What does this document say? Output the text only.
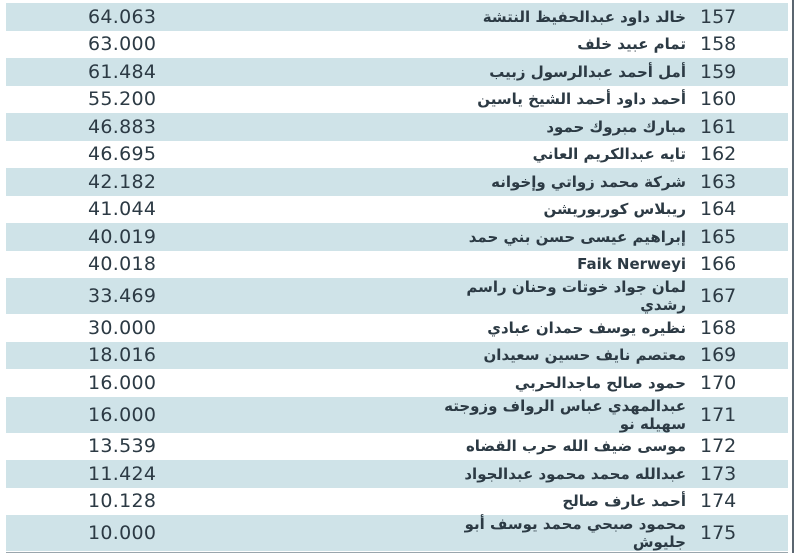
64.063	خالد داود عبدالحفيظ النتشة	157
63.000	تمام عبيد خلف	158
61.484	أمل أحمد عبدالرسول زبيب	159
55.200	أحمد داود أحمد الشيخ ياسين	160
46.883	مبارك مبروك حمود	161
46.695	تايه عبدالكريم العاني	162
42.182	شركة محمد زواتي وإخوانه	163
41.044	ريبلاس كوربوريشن	164
40.019	إبراهيم عيسى حسن بني حمد	165
40.018	Faik Nerweyi	166
33.469	لمان جواد خوتات وحنان راسم رشدي	167
30.000	نظيره يوسف حمدان عبادي	168
18.016	معتصم نايف حسين سعيدان	169
16.000	حمود صالح ماجدالحربي	170
16.000	عبدالمهدي عباس الرواف وزوجته سهيله نو	171
13.539	موسى ضيف الله حرب القضاه	172
11.424	عبدالله محمد محمود عبدالجواد	173
10.128	أحمد عارف صالح	174
10.000	محمود صبحي محمد يوسف أبو جليوش	175
